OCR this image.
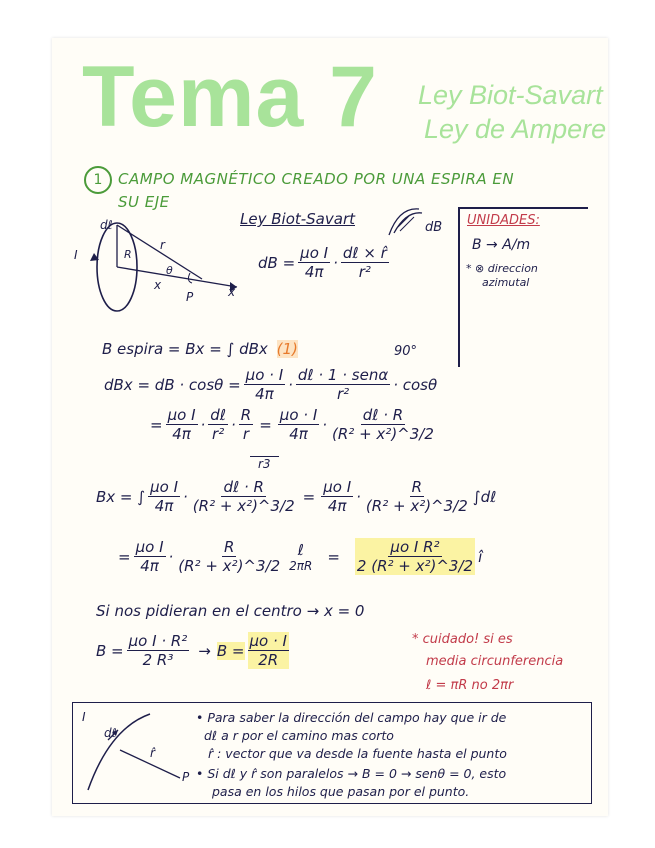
Tema 7 Ley Biot-Savart
Ley de Ampere
1	CAMPO MAGNÉTICO CREADO POR UNA ESPIRA EN
SU EJE
dℓ
I	R
r
θ
x
P	x
Ley Biot-Savart	dB
dB = $\frac{\text{μo I}}{4\pi} \cdot \frac{\text{dℓ × r̂}}{\text{r²}}$
UNIDADES:
B → A/m
* ⊗ direccion
azimutal
B espira = Bx = ∫ dBx (1)	90°
dBx = dB · $\cos\theta = \frac{\mu o \cdot I}{4\pi} \cdot \frac{\text{dℓ · 1 · senα}}{\text{r²}} \cdot \cos\theta$
= $\frac{\text{μo I}}{4\pi} \cdot \frac{\text{dℓ}}{\text{r²}} \cdot \frac{R}{r} = \frac{\mu o \cdot I}{4\pi} \cdot \frac{\text{dℓ · R}}{\text{(R² + x²)\textasciicircum{}3/2}}$
r3
Bx = ∫ $\frac{\text{μo I}}{4\pi} \cdot \frac{\text{dℓ · R}}{\text{(R² + x²)\textasciicircum{}3/2}} = \frac{\text{μo I}}{4\pi} \cdot \frac{R}{\text{(R² + x²)\textasciicircum{}3/2}}$ ∫dℓ
= $\frac{\text{μo I}}{4\pi} \cdot \frac{R}{\text{(R² + x²)\textasciicircum{}3/2}}$ ℓ
$2\pi R = \frac{\text{μo I R²}}{\text{2 (R² + x²)\textasciicircum{}3/2}}$ î
Si nos pidieran en el centro → x = 0
$B = \frac{\text{μo I · R²}}{\text{2 R³}} \to B = \frac{\mu o \cdot I}{2R}$	* cuidado! si es
media circunferencia
ℓ = πR no 2πr
I
dℓ
r̂
P
• Para saber la dirección del campo hay que ir de
dℓ a r por el camino mas corto
r̂ : vector que va desde la fuente hasta el punto
• Si dℓ y r̂ son paralelos → B = 0 → senθ = 0, esto
pasa en los hilos que pasan por el punto.
